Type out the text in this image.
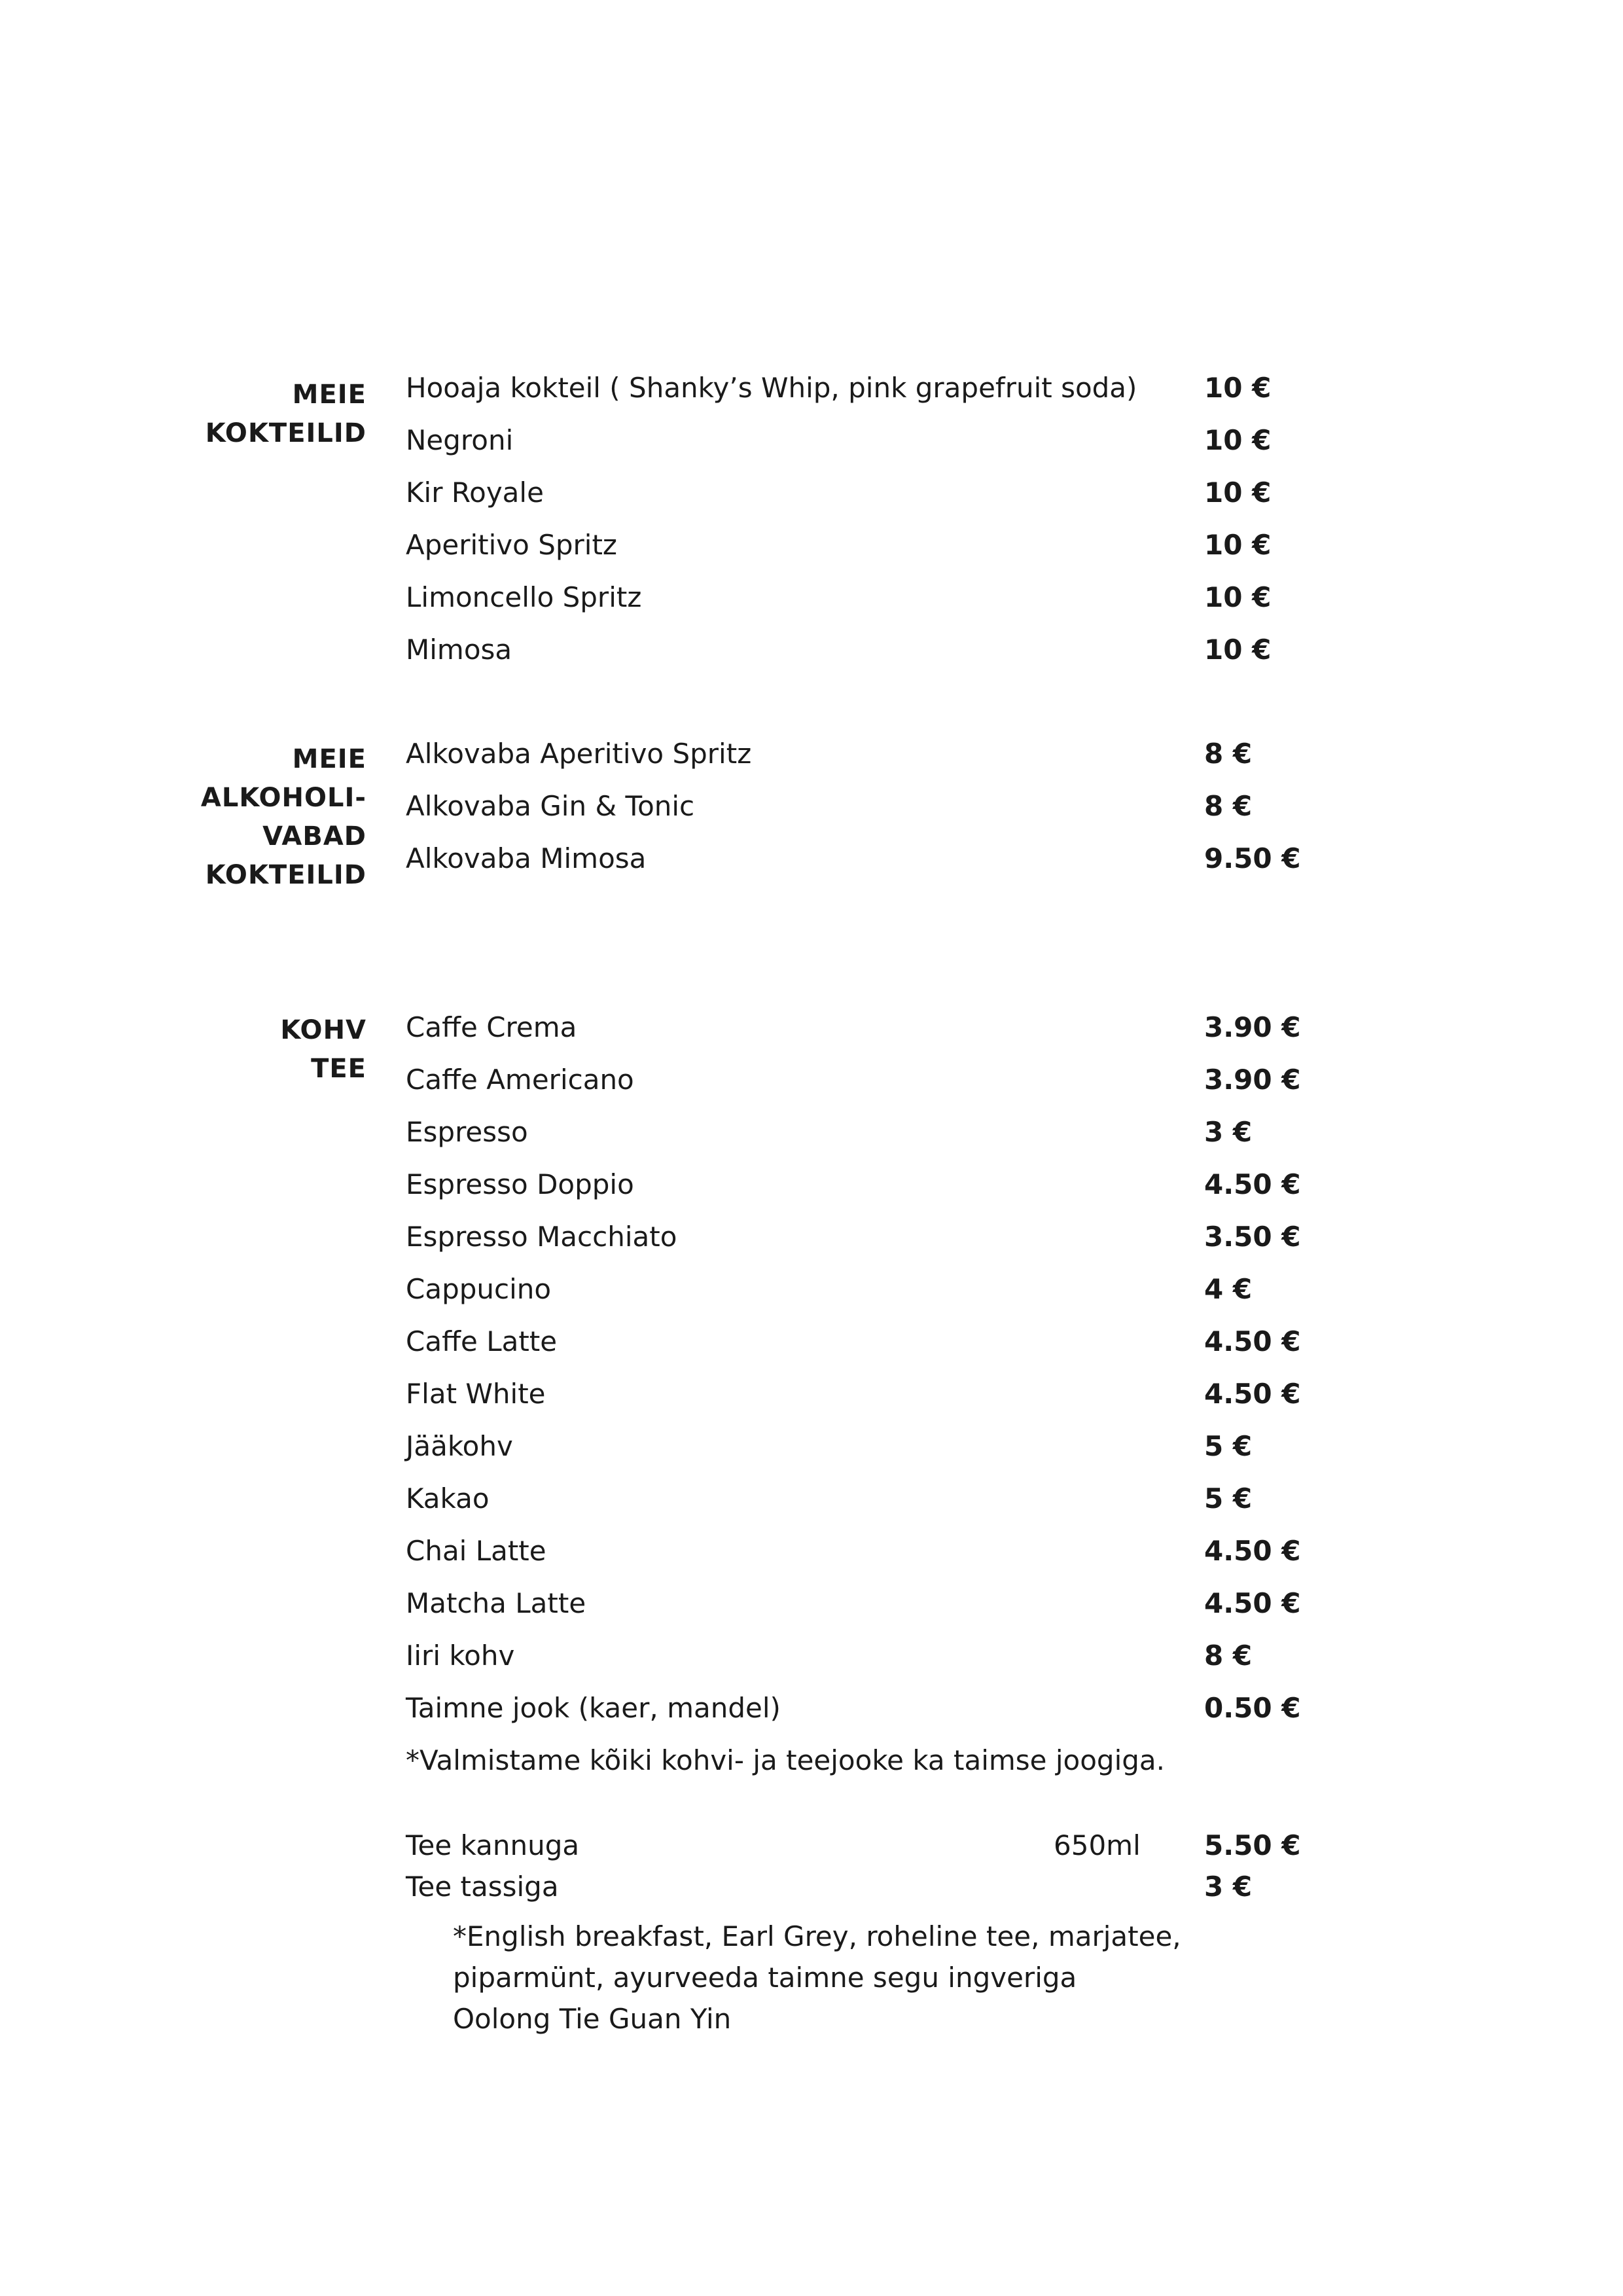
MEIE
KOKTEILID
Hooaja kokteil ( Shanky’s Whip, pink grapefruit soda) 10 €
Negroni	10 €
Kir Royale	10 €
Aperitivo Spritz	10 €
Limoncello Spritz	10 €
Mimosa	10 €
MEIE
ALKOHOLI-
VABAD
KOKTEILID
Alkovaba Aperitivo Spritz	8 €
Alkovaba Gin & Tonic	8 €
Alkovaba Mimosa	9.50 €
KOHV
TEE
Caffe Crema	3.90 €
Caffe Americano	3.90 €
Espresso	3 €
Espresso Doppio	4.50 €
Espresso Macchiato	3.50 €
Cappucino	4 €
Caffe Latte	4.50 €
Flat White	4.50 €
Jääkohv	5 €
Kakao	5 €
Chai Latte	4.50 €
Matcha Latte	4.50 €
Iiri kohv	8 €
Taimne jook (kaer, mandel)	0.50 €
*Valmistame kõiki kohvi- ja teejooke ka taimse joogiga.
Tee kannuga	650ml 5.50 €
Tee tassiga	3 €
*English breakfast, Earl Grey, roheline tee, marjatee,
piparmünt, ayurveeda taimne segu ingveriga
Oolong Tie Guan Yin
